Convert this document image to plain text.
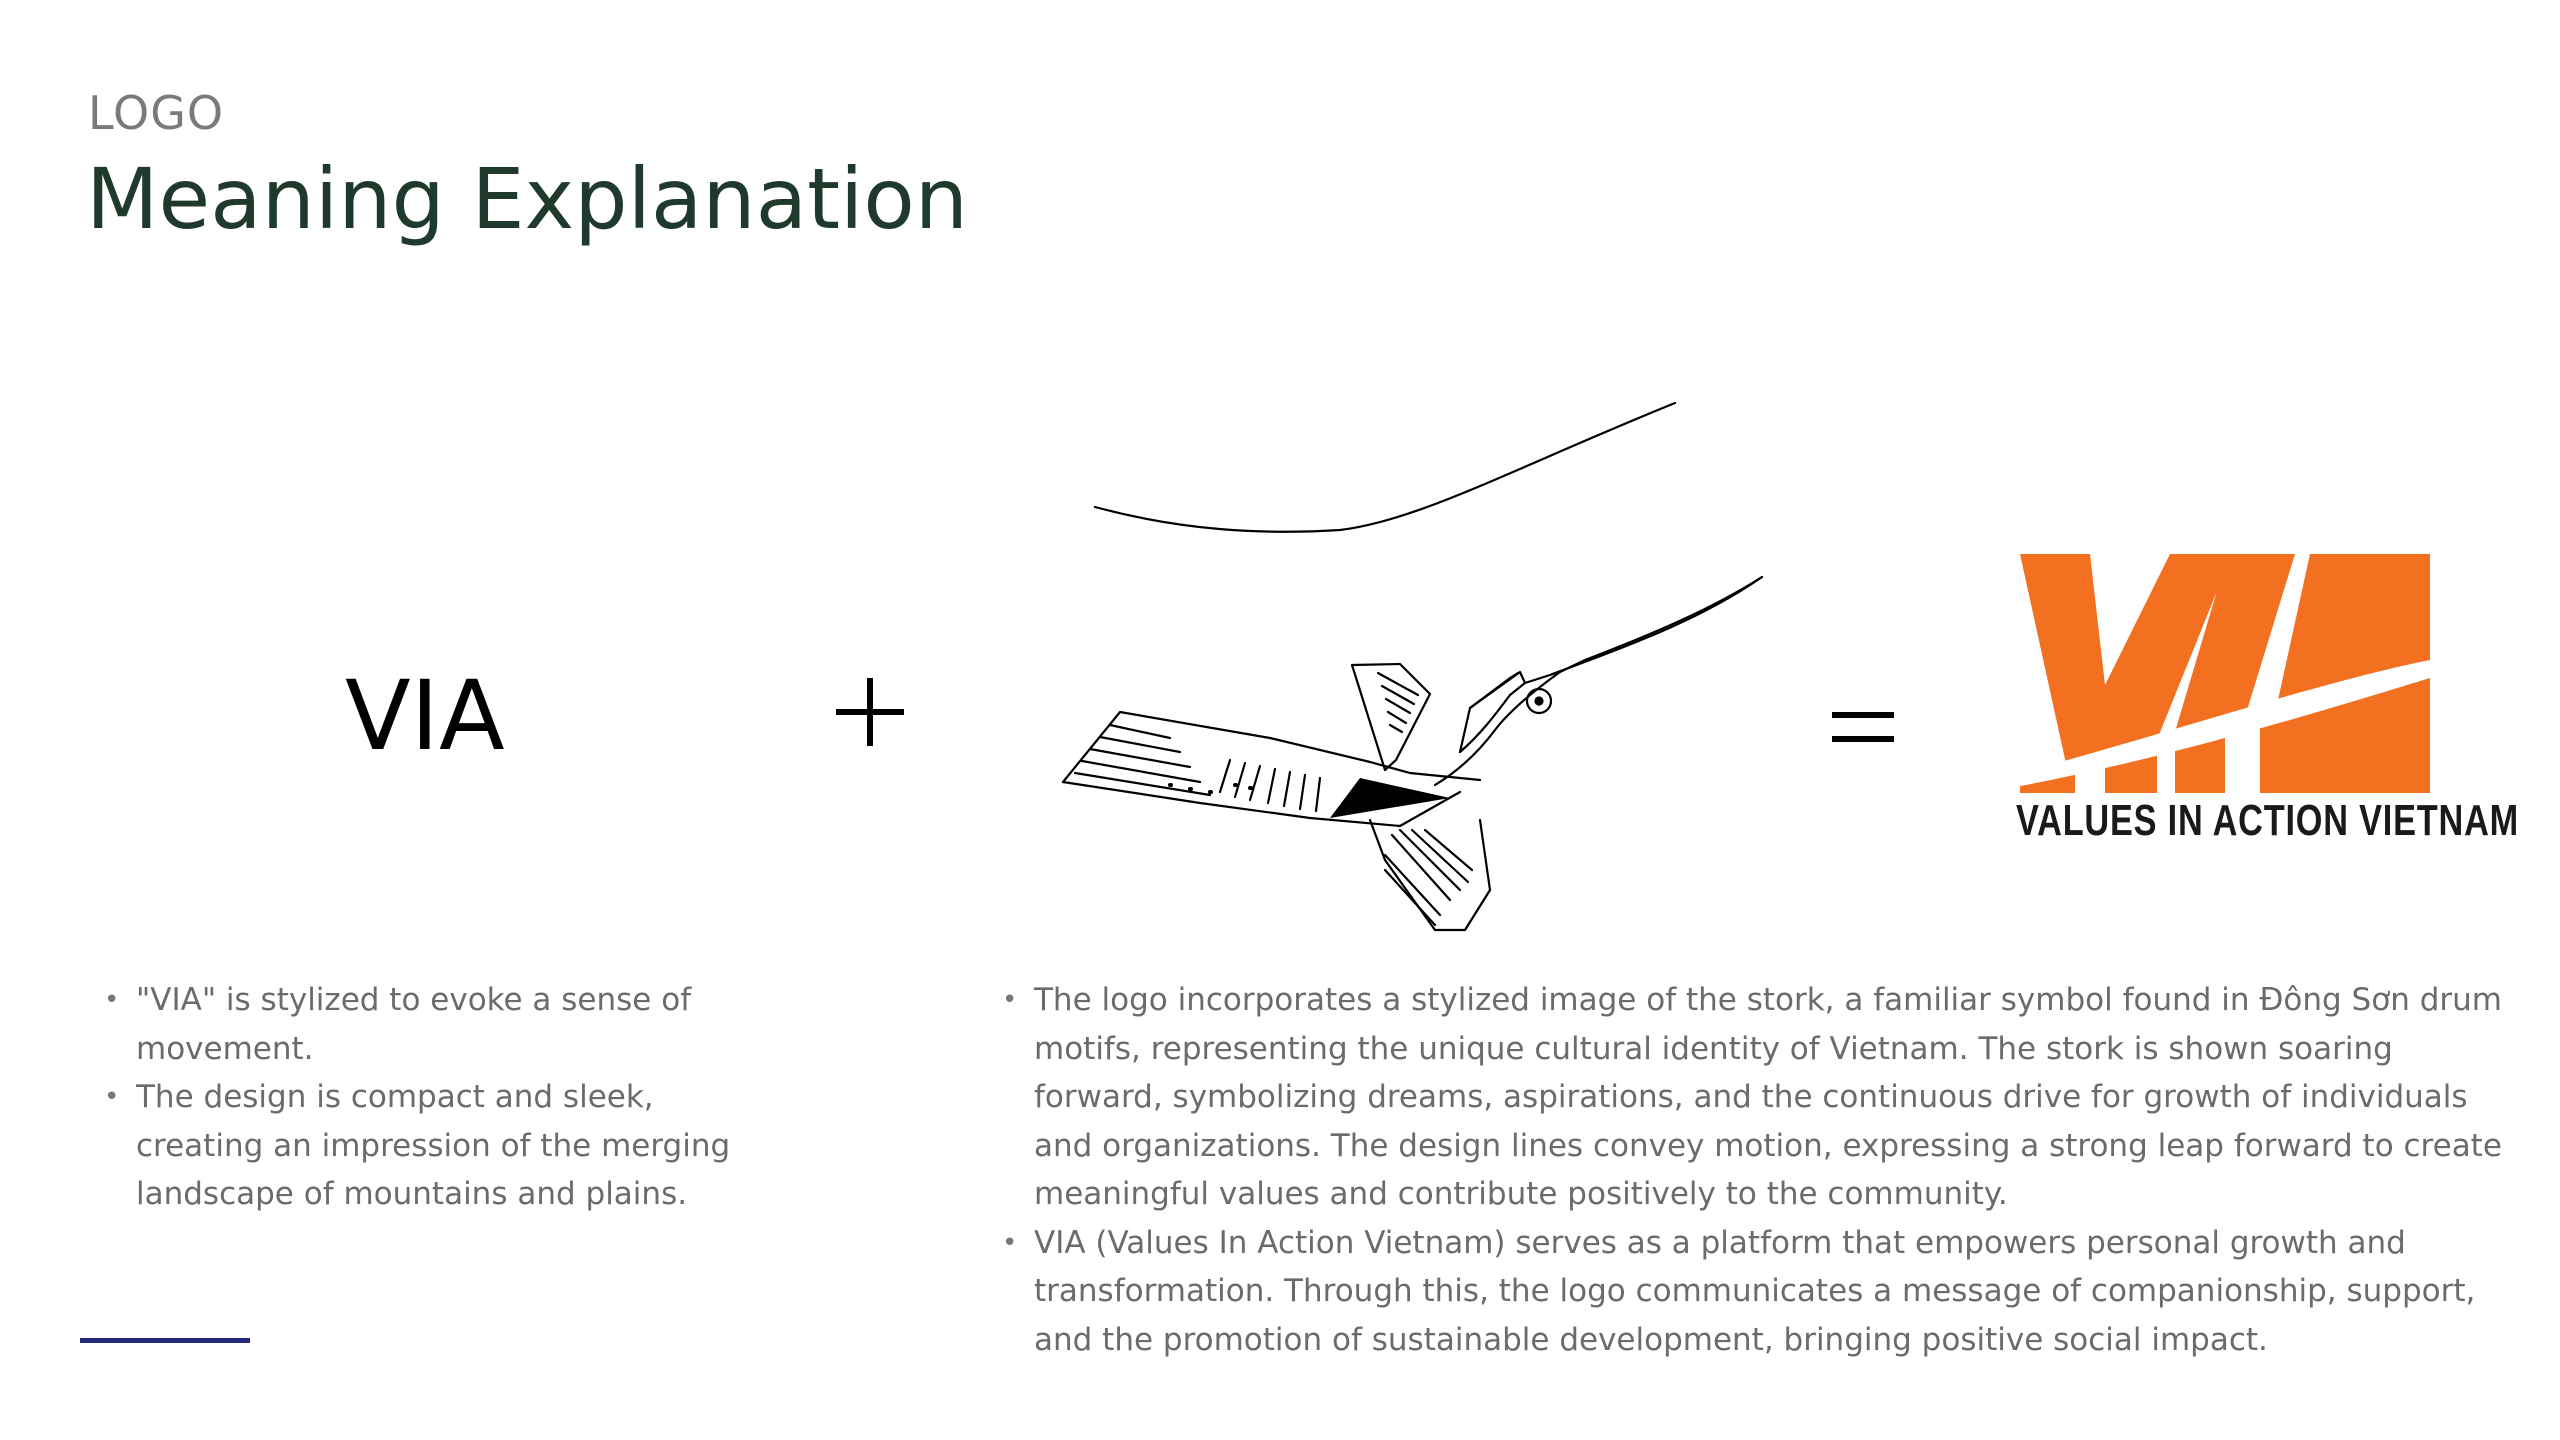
LOGO
Meaning Explanation
VIA
VALUES IN ACTION VIETNAM
• "VIA" is stylized to evoke a sense of movement.
• The design is compact and sleek, creating an impression of the merging landscape of mountains and plains.
• The logo incorporates a stylized image of the stork, a familiar symbol found in Đông Sơn drum motifs, representing the unique cultural identity of Vietnam. The stork is shown soaring forward, symbolizing dreams, aspirations, and the continuous drive for growth of individuals and organizations. The design lines convey motion, expressing a strong leap forward to create meaningful values and contribute positively to the community.
• VIA (Values In Action Vietnam) serves as a platform that empowers personal growth and transformation. Through this, the logo communicates a message of companionship, support, and the promotion of sustainable development, bringing positive social impact.
